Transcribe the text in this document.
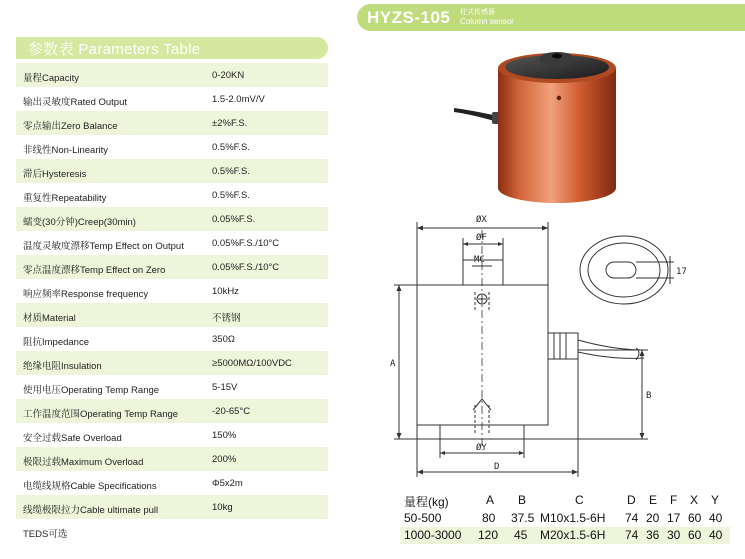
参数表 Parameters Table
量程Capacity	0-20KN
输出灵敏度Rated Output	1.5-2.0mV/V
零点输出Zero Balance	±2%F.S.
非线性Non-Linearity	0.5%F.S.
滞后Hysteresis	0.5%F.S.
重复性Repeatability	0.5%F.S.
蠕变(30分钟)Creep(30min)	0.05%F.S.
温度灵敏度漂移Temp Effect on Output	0.05%F.S./10°C
零点温度漂移Temp Effect on Zero	0.05%F.S./10°C
响应频率Response frequency	10kHz
材质Material	不锈钢
阻抗Impedance	350Ω
绝缘电阻Insulation	≥5000MΩ/100VDC
使用电压Operating Temp Range	5-15V
工作温度范围Operating Temp Range	-20-65°C
安全过载Safe Overload	150%
极限过载Maximum Overload	200%
电缆线规格Cable Specifications	Φ5x2m
线缆极限拉力Cable ultimate pull	10kg
TEDS可选
HYZS-105 柱式传感器
Column sensor
ØX
ØF
MC
A
B
ØY
D
17
量程(kg)	A B	C	D E F X Y
50-500	80 37.5 M10x1.5-6H 74 20 17 60 40
1000-3000 120 45 M20x1.5-6H 74 36 30 60 40
